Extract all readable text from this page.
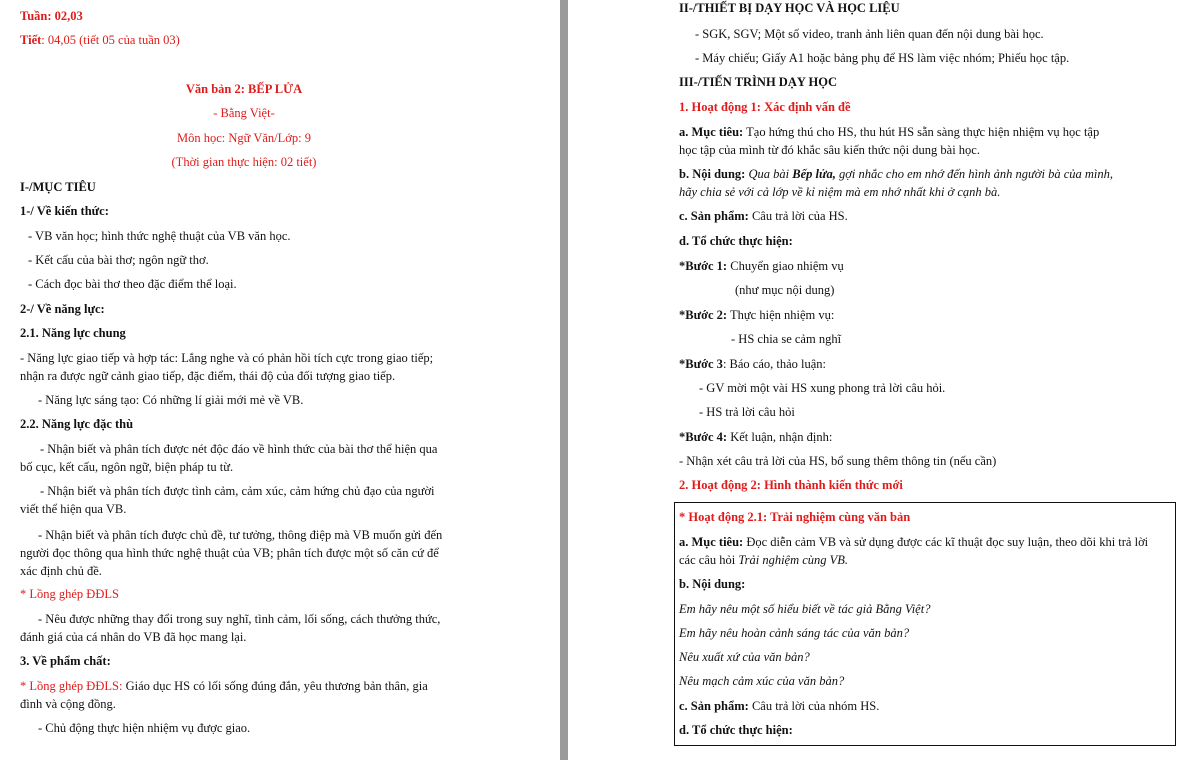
Tuần: 02,03
Tiết: 04,05 (tiết 05 của tuần 03)
Văn bản 2: BẾP LỬA
- Bằng Việt-
Môn học: Ngữ Văn/Lớp: 9
(Thời gian thực hiện: 02 tiết)
I-/MỤC TIÊU
1-/ Về kiến thức:
- VB văn học; hình thức nghệ thuật của VB văn học.
- Kết cấu của bài thơ; ngôn ngữ thơ.
- Cách đọc bài thơ theo đặc điểm thể loại.
2-/ Về năng lực:
2.1. Năng lực chung
- Năng lực giao tiếp và hợp tác: Lắng nghe và có phản hồi tích cực trong giao tiếp;
nhận ra được ngữ cảnh giao tiếp, đặc điểm, thái độ của đối tượng giao tiếp.
- Năng lực sáng tạo: Có những lí giải mới mẻ về VB.
2.2. Năng lực đặc thù
- Nhận biết và phân tích được nét độc đáo về hình thức của bài thơ thể hiện qua
bố cục, kết cấu, ngôn ngữ, biện pháp tu từ.
- Nhận biết và phân tích được tình cảm, cảm xúc, cảm hứng chủ đạo của người
viết thể hiện qua VB.
- Nhận biết và phân tích được chủ đề, tư tưởng, thông điệp mà VB muốn gửi đến
người đọc thông qua hình thức nghệ thuật của VB; phân tích được một số căn cứ để
xác định chủ đề.
* Lồng ghép ĐĐLS
- Nêu được những thay đổi trong suy nghĩ, tình cảm, lối sống, cách thưởng thức,
đánh giá của cá nhân do VB đã học mang lại.
3. Về phẩm chất:
* Lồng ghép ĐĐLS: Giáo dục HS có lối sống đúng đắn, yêu thương bản thân, gia
đình và cộng đồng.
- Chủ động thực hiện nhiệm vụ được giao.
II-/THIẾT BỊ DẠY HỌC VÀ HỌC LIỆU
- SGK, SGV; Một số video, tranh ảnh liên quan đến nội dung bài học.
- Máy chiếu; Giấy A1 hoặc bảng phụ để HS làm việc nhóm; Phiếu học tập.
III-/TIẾN TRÌNH DẠY HỌC
1. Hoạt động 1: Xác định vấn đề
a. Mục tiêu: Tạo hứng thú cho HS, thu hút HS sẵn sàng thực hiện nhiệm vụ học tập
học tập của mình từ đó khắc sâu kiến thức nội dung bài học.
b. Nội dung: Qua bài Bếp lửa, gợi nhắc cho em nhớ đến hình ảnh người bà của mình,
hãy chia sẻ với cả lớp về kỉ niệm mà em nhớ nhất khi ở cạnh bà.
c. Sản phẩm: Câu trả lời của HS.
d. Tổ chức thực hiện:
*Bước 1: Chuyển giao nhiệm vụ
(như mục nội dung)
*Bước 2: Thực hiện nhiệm vụ:
- HS chia se cảm nghĩ
*Bước 3: Báo cáo, thảo luận:
- GV mời một vài HS xung phong trả lời câu hỏi.
- HS trả lời câu hỏi
*Bước 4: Kết luận, nhận định:
- Nhận xét câu trả lời của HS, bổ sung thêm thông tin (nếu cần)
2. Hoạt động 2: Hình thành kiến thức mới
* Hoạt động 2.1: Trải nghiệm cùng văn bản
a. Mục tiêu: Đọc diễn cảm VB và sử dụng được các kĩ thuật đọc suy luận, theo dõi khi trả lời
các câu hỏi Trải nghiệm cùng VB.
b. Nội dung:
Em hãy nêu một số hiểu biết về tác giả Bằng Việt?
Em hãy nêu hoàn cảnh sáng tác của văn bản?
Nêu xuất xứ của văn bản?
Nêu mạch cảm xúc của văn bản?
c. Sản phẩm: Câu trả lời của nhóm HS.
d. Tổ chức thực hiện:
